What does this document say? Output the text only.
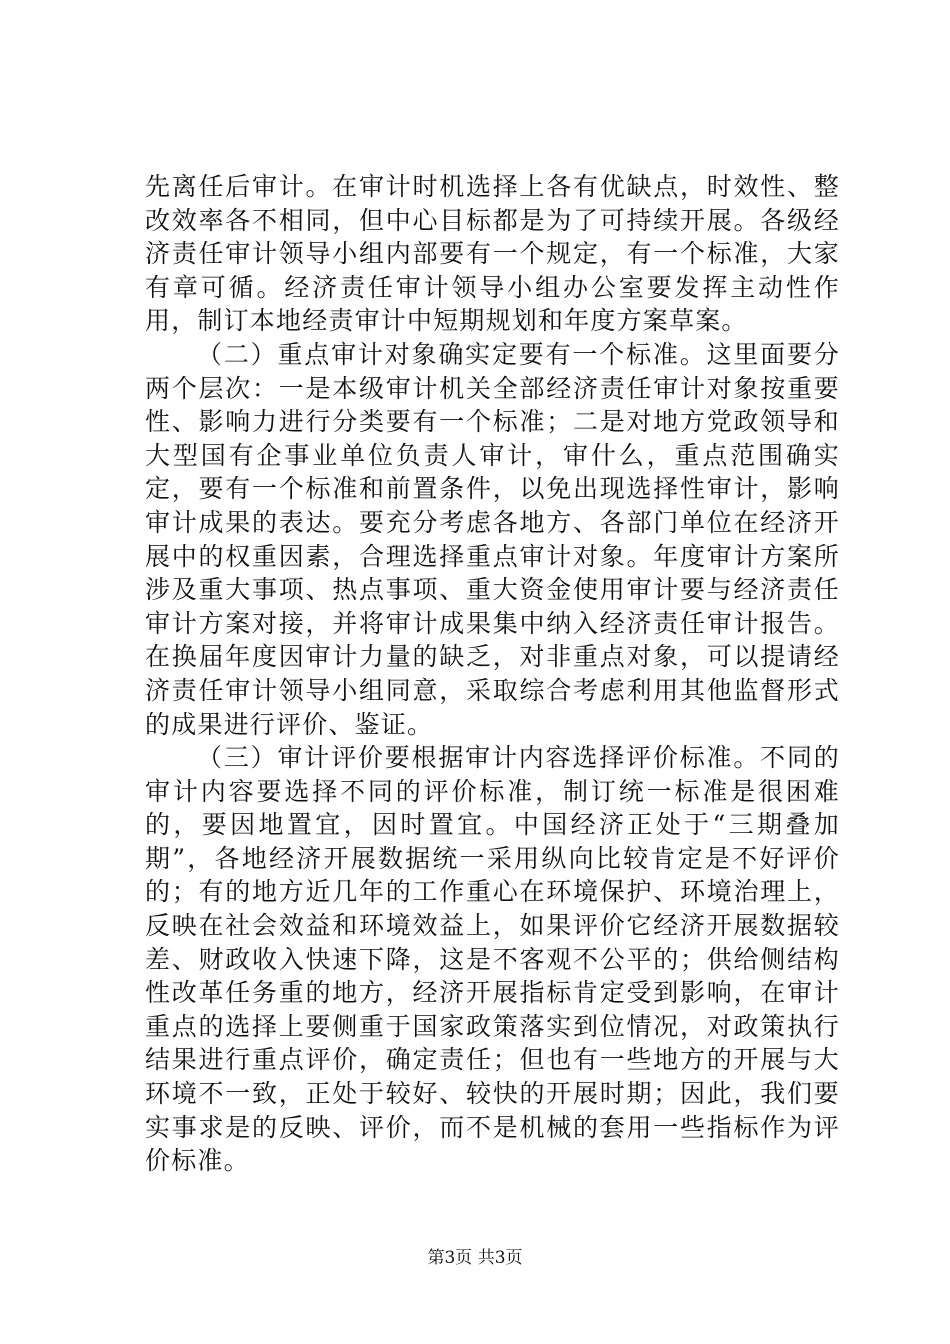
先离任后审计。在审计时机选择上各有优缺点，时效性、整改效率各不相同，但中心目标都是为了可持续开展。各级经济责任审计领导小组内部要有一个规定，有一个标准，大家有章可循。经济责任审计领导小组办公室要发挥主动性作用，制订本地经责审计中短期规划和年度方案草案。

（二）重点审计对象确实定要有一个标准。这里面要分两个层次：一是本级审计机关全部经济责任审计对象按重要性、影响力进行分类要有一个标准；二是对地方党政领导和大型国有企事业单位负责人审计，审什么，重点范围确实定，要有一个标准和前置条件，以免出现选择性审计，影响审计成果的表达。要充分考虑各地方、各部门单位在经济开展中的权重因素，合理选择重点审计对象。年度审计方案所涉及重大事项、热点事项、重大资金使用审计要与经济责任审计方案对接，并将审计成果集中纳入经济责任审计报告。在换届年度因审计力量的缺乏，对非重点对象，可以提请经济责任审计领导小组同意，采取综合考虑利用其他监督形式的成果进行评价、鉴证。

（三）审计评价要根据审计内容选择评价标准。不同的审计内容要选择不同的评价标准，制订统一标准是很困难的，要因地置宜，因时置宜。中国经济正处于“三期叠加期”，各地经济开展数据统一采用纵向比较肯定是不好评价的；有的地方近几年的工作重心在环境保护、环境治理上，反映在社会效益和环境效益上，如果评价它经济开展数据较差、财政收入快速下降，这是不客观不公平的；供给侧结构性改革任务重的地方，经济开展指标肯定受到影响，在审计重点的选择上要侧重于国家政策落实到位情况，对政策执行结果进行重点评价，确定责任；但也有一些地方的开展与大环境不一致，正处于较好、较快的开展时期；因此，我们要实事求是的反映、评价，而不是机械的套用一些指标作为评价标准。

第3页 共3页
